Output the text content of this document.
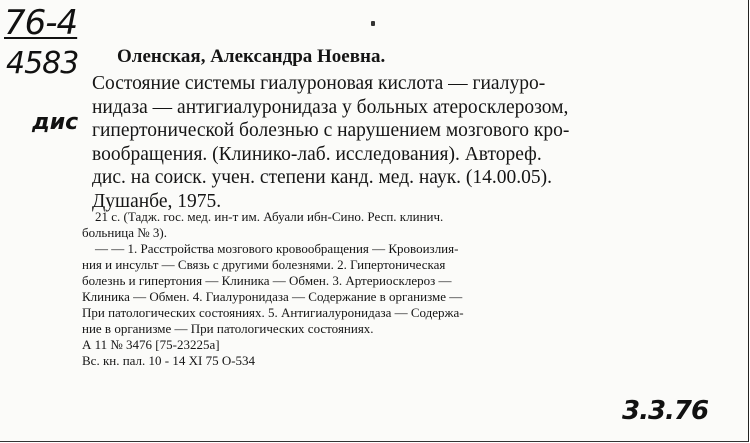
76-4
4583
дис
3.3.76
Оленская, Александра Ноевна.
Состояние системы гиалуроновая кислота — гиалуро-
нидаза — антигиалуронидаза у больных атеросклерозом,
гипертонической болезнью с нарушением мозгового кро-
вообращения. (Клинико-лаб. исследования). Автореф.
дис. на соиск. учен. степени канд. мед. наук. (14.00.05).
Душанбе, 1975.
21 с. (Тадж. гос. мед. ин-т им. Абуали ибн-Сино. Респ. клинич.
больница № 3).
— — 1. Расстройства мозгового кровообращения — Кровоизлия-
ния и инсульт — Связь с другими болезнями. 2. Гипертоническая
болезнь и гипертония — Клиника — Обмен. 3. Артериосклероз —
Клиника — Обмен. 4. Гиалуронидаза — Содержание в организме —
При патологических состояниях. 5. Антигиалуронидаза — Содержа-
ние в организме — При патологических состояниях.
А 11 № 3476 [75-23225а]
Вс. кн. пал. 10 - 14 XI 75 О-534
